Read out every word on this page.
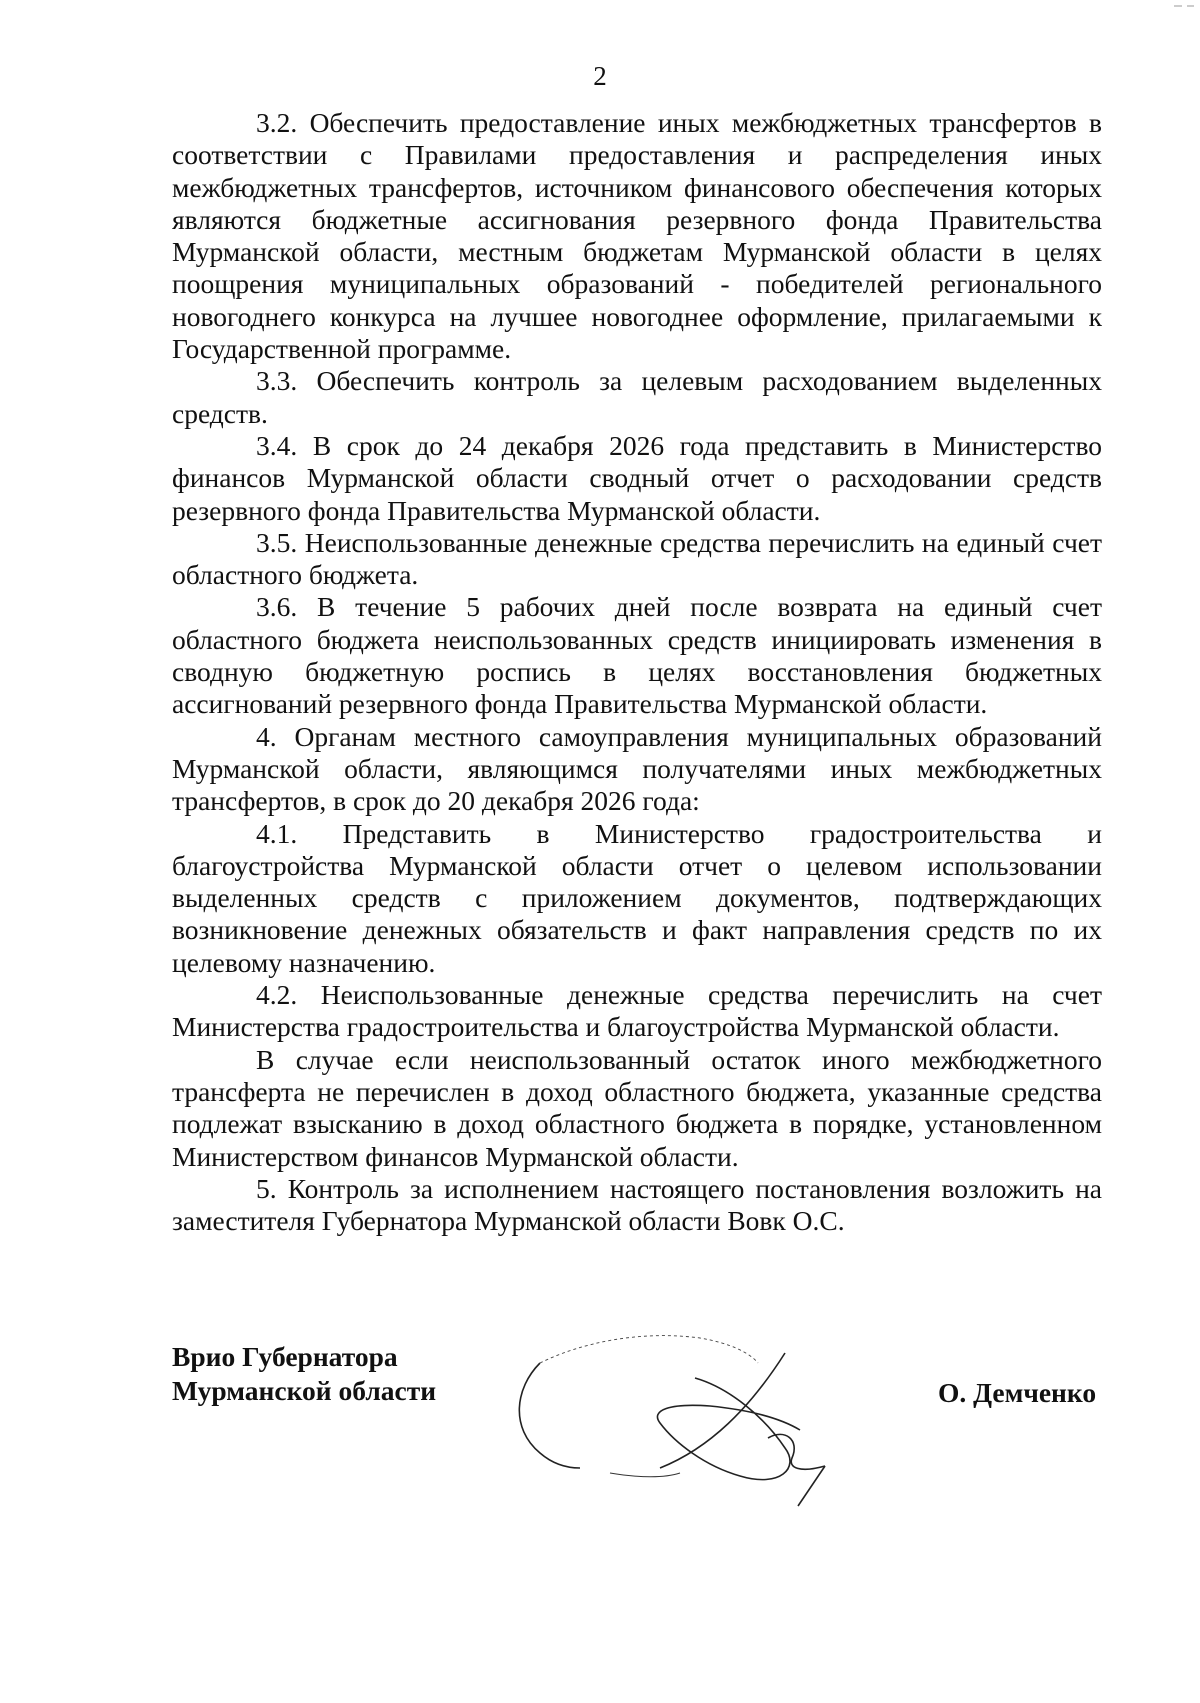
2

3.2. Обеспечить предоставление иных межбюджетных трансфертов в соответствии с Правилами предоставления и распределения иных межбюджетных трансфертов, источником финансового обеспечения которых являются бюджетные ассигнования резервного фонда Правительства Мурманской области, местным бюджетам Мурманской области в целях поощрения муниципальных образований - победителей регионального новогоднего конкурса на лучшее новогоднее оформление, прилагаемыми к Государственной программе.

3.3. Обеспечить контроль за целевым расходованием выделенных средств.

3.4. В срок до 24 декабря 2026 года представить в Министерство финансов Мурманской области сводный отчет о расходовании средств резервного фонда Правительства Мурманской области.

3.5. Неиспользованные денежные средства перечислить на единый счет областного бюджета.

3.6. В течение 5 рабочих дней после возврата на единый счет областного бюджета неиспользованных средств инициировать изменения в сводную бюджетную роспись в целях восстановления бюджетных ассигнований резервного фонда Правительства Мурманской области.

4. Органам местного самоуправления муниципальных образований Мурманской области, являющимся получателями иных межбюджетных трансфертов, в срок до 20 декабря 2026 года:

4.1. Представить в Министерство градостроительства и благоустройства Мурманской области отчет о целевом использовании выделенных средств с приложением документов, подтверждающих возникновение денежных обязательств и факт направления средств по их целевому назначению.

4.2. Неиспользованные денежные средства перечислить на счет Министерства градостроительства и благоустройства Мурманской области.

В случае если неиспользованный остаток иного межбюджетного трансферта не перечислен в доход областного бюджета, указанные средства подлежат взысканию в доход областного бюджета в порядке, установленном Министерством финансов Мурманской области.

5. Контроль за исполнением настоящего постановления возложить на заместителя Губернатора Мурманской области Вовк О.С.

Врио Губернатора
Мурманской области	О. Демченко
